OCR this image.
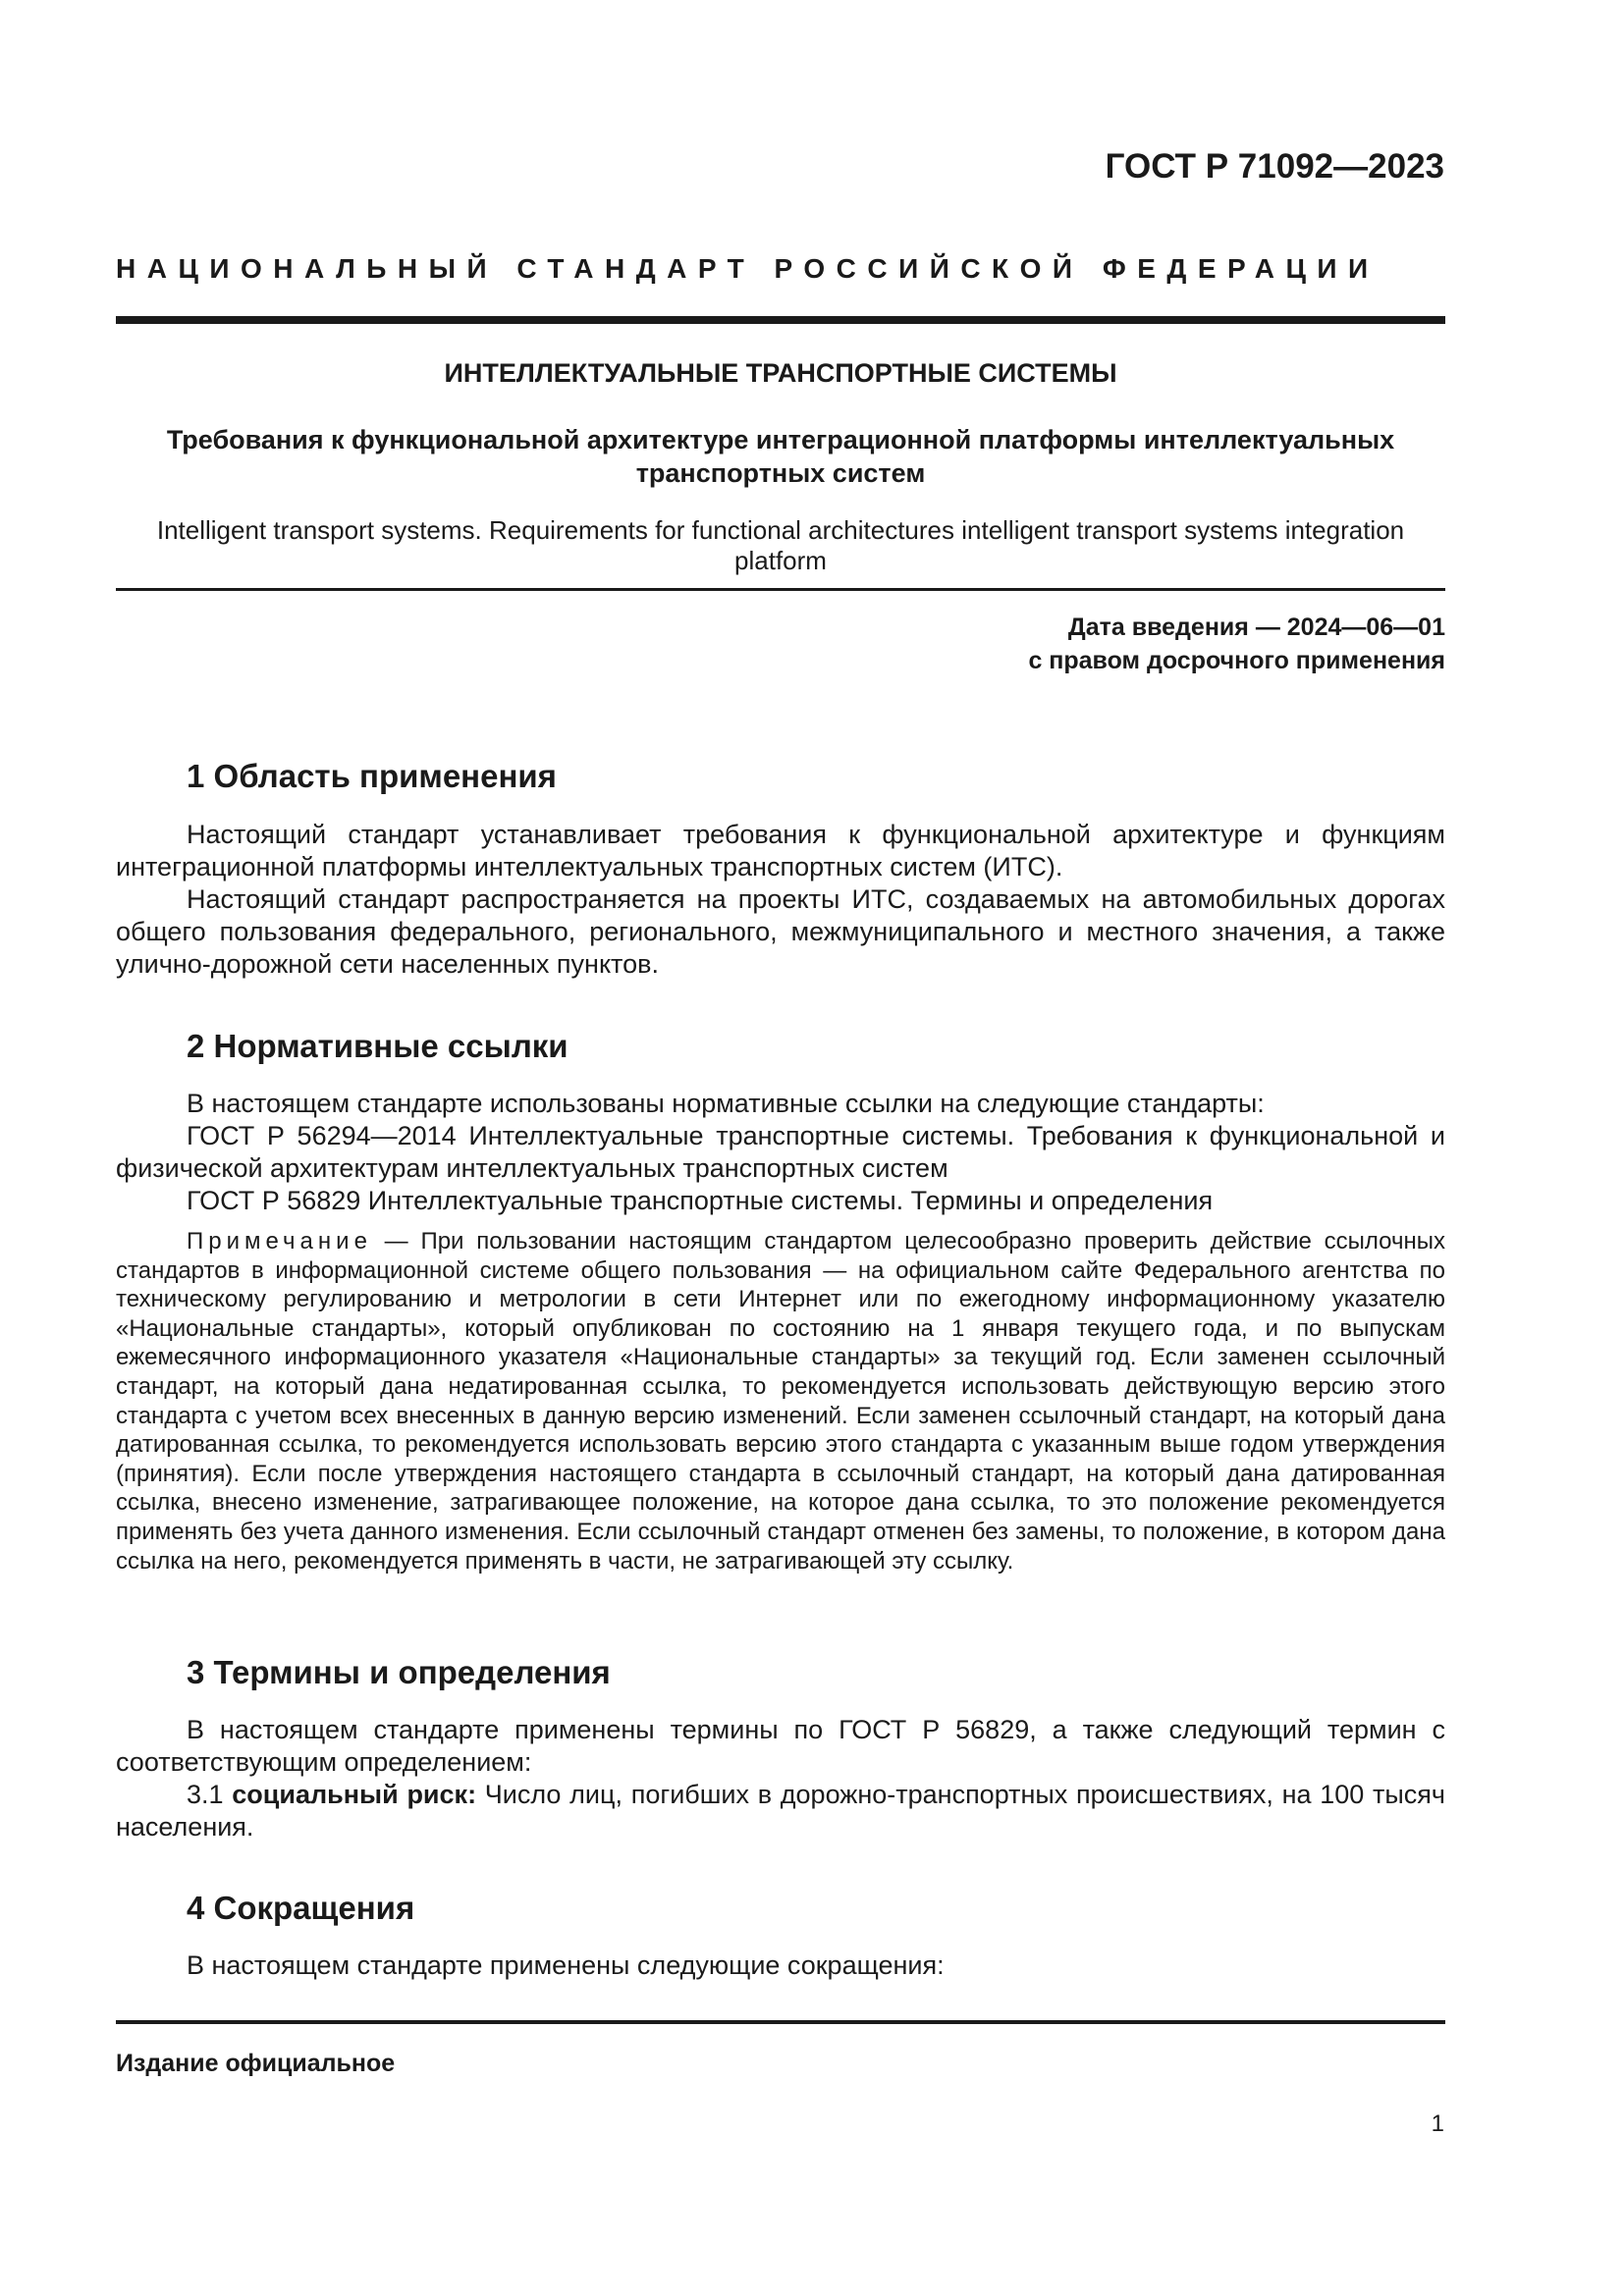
ГОСТ Р 71092—2023
НАЦИОНАЛЬНЫЙ СТАНДАРТ РОССИЙСКОЙ ФЕДЕРАЦИИ
ИНТЕЛЛЕКТУАЛЬНЫЕ ТРАНСПОРТНЫЕ СИСТЕМЫ
Требования к функциональной архитектуре интеграционной платформы интеллектуальных транспортных систем
Intelligent transport systems. Requirements for functional architectures intelligent transport systems integration platform
Дата введения — 2024—06—01
с правом досрочного применения
1 Область применения

Настоящий стандарт устанавливает требования к функциональной архитектуре и функциям интеграционной платформы интеллектуальных транспортных систем (ИТС).

Настоящий стандарт распространяется на проекты ИТС, создаваемых на автомобильных дорогах общего пользования федерального, регионального, межмуниципального и местного значения, а также улично-дорожной сети населенных пунктов.

2 Нормативные ссылки

В настоящем стандарте использованы нормативные ссылки на следующие стандарты:

ГОСТ Р 56294—2014 Интеллектуальные транспортные системы. Требования к функциональной и физической архитектурам интеллектуальных транспортных систем

ГОСТ Р 56829 Интеллектуальные транспортные системы. Термины и определения

Примечание — При пользовании настоящим стандартом целесообразно проверить действие ссылочных стандартов в информационной системе общего пользования — на официальном сайте Федерального агентства по техническому регулированию и метрологии в сети Интернет или по ежегодному информационному указателю «Национальные стандарты», который опубликован по состоянию на 1 января текущего года, и по выпускам ежемесячного информационного указателя «Национальные стандарты» за текущий год. Если заменен ссылочный стандарт, на который дана недатированная ссылка, то рекомендуется использовать действующую версию этого стандарта с учетом всех внесенных в данную версию изменений. Если заменен ссылочный стандарт, на который дана датированная ссылка, то рекомендуется использовать версию этого стандарта с указанным выше годом утверждения (принятия). Если после утверждения настоящего стандарта в ссылочный стандарт, на который дана датированная ссылка, внесено изменение, затрагивающее положение, на которое дана ссылка, то это положение рекомендуется применять без учета данного изменения. Если ссылочный стандарт отменен без замены, то положение, в котором дана ссылка на него, рекомендуется применять в части, не затрагивающей эту ссылку.

3 Термины и определения

В настоящем стандарте применены термины по ГОСТ Р 56829, а также следующий термин с соответствующим определением:

3.1 социальный риск: Число лиц, погибших в дорожно-транспортных происшествиях, на 100 тысяч населения.

4 Сокращения

В настоящем стандарте применены следующие сокращения:

Издание официальное
1
